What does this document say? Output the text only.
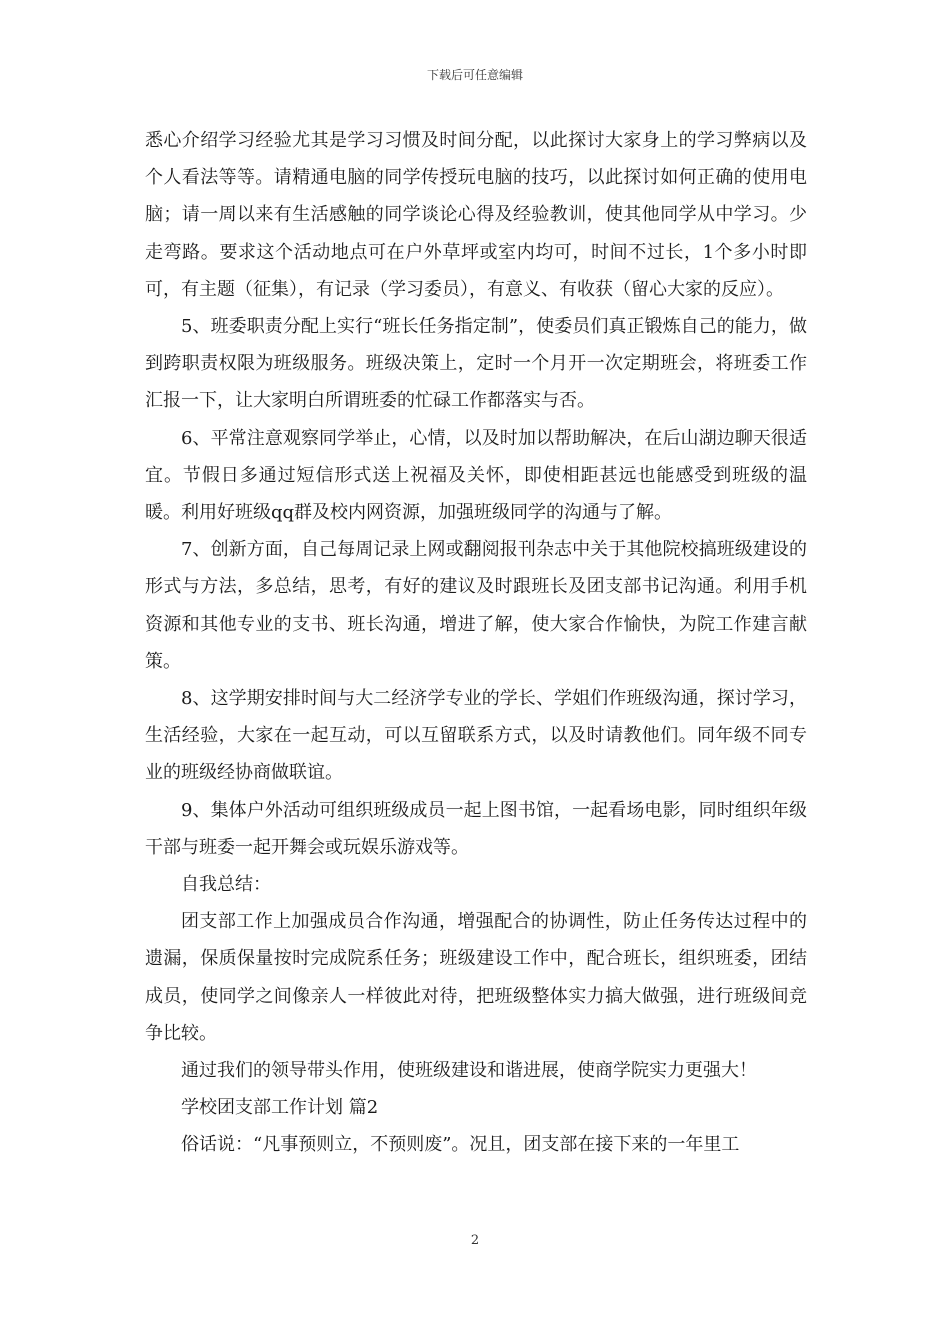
下载后可任意编辑

悉心介绍学习经验尤其是学习习惯及时间分配，以此探讨大家身上的学习弊病以及个人看法等等。请精通电脑的同学传授玩电脑的技巧，以此探讨如何正确的使用电脑；请一周以来有生活感触的同学谈论心得及经验教训，使其他同学从中学习。少走弯路。要求这个活动地点可在户外草坪或室内均可，时间不过长，1个多小时即可，有主题（征集），有记录（学习委员），有意义、有收获（留心大家的反应）。

5、班委职责分配上实行“班长任务指定制”，使委员们真正锻炼自己的能力，做到跨职责权限为班级服务。班级决策上，定时一个月开一次定期班会，将班委工作汇报一下，让大家明白所谓班委的忙碌工作都落实与否。

6、平常注意观察同学举止，心情，以及时加以帮助解决，在后山湖边聊天很适宜。节假日多通过短信形式送上祝福及关怀，即使相距甚远也能感受到班级的温暖。利用好班级qq群及校内网资源，加强班级同学的沟通与了解。

7、创新方面，自己每周记录上网或翻阅报刊杂志中关于其他院校搞班级建设的形式与方法，多总结，思考，有好的建议及时跟班长及团支部书记沟通。利用手机资源和其他专业的支书、班长沟通，增进了解，使大家合作愉快，为院工作建言献策。

8、这学期安排时间与大二经济学专业的学长、学姐们作班级沟通，探讨学习，生活经验，大家在一起互动，可以互留联系方式，以及时请教他们。同年级不同专业的班级经协商做联谊。

9、集体户外活动可组织班级成员一起上图书馆，一起看场电影，同时组织年级干部与班委一起开舞会或玩娱乐游戏等。

自我总结：

团支部工作上加强成员合作沟通，增强配合的协调性，防止任务传达过程中的遗漏，保质保量按时完成院系任务；班级建设工作中，配合班长，组织班委，团结成员，使同学之间像亲人一样彼此对待，把班级整体实力搞大做强，进行班级间竞争比较。

通过我们的领导带头作用，使班级建设和谐进展，使商学院实力更强大！

学校团支部工作计划 篇2

俗话说：“凡事预则立，不预则废”。况且，团支部在接下来的一年里工

2
